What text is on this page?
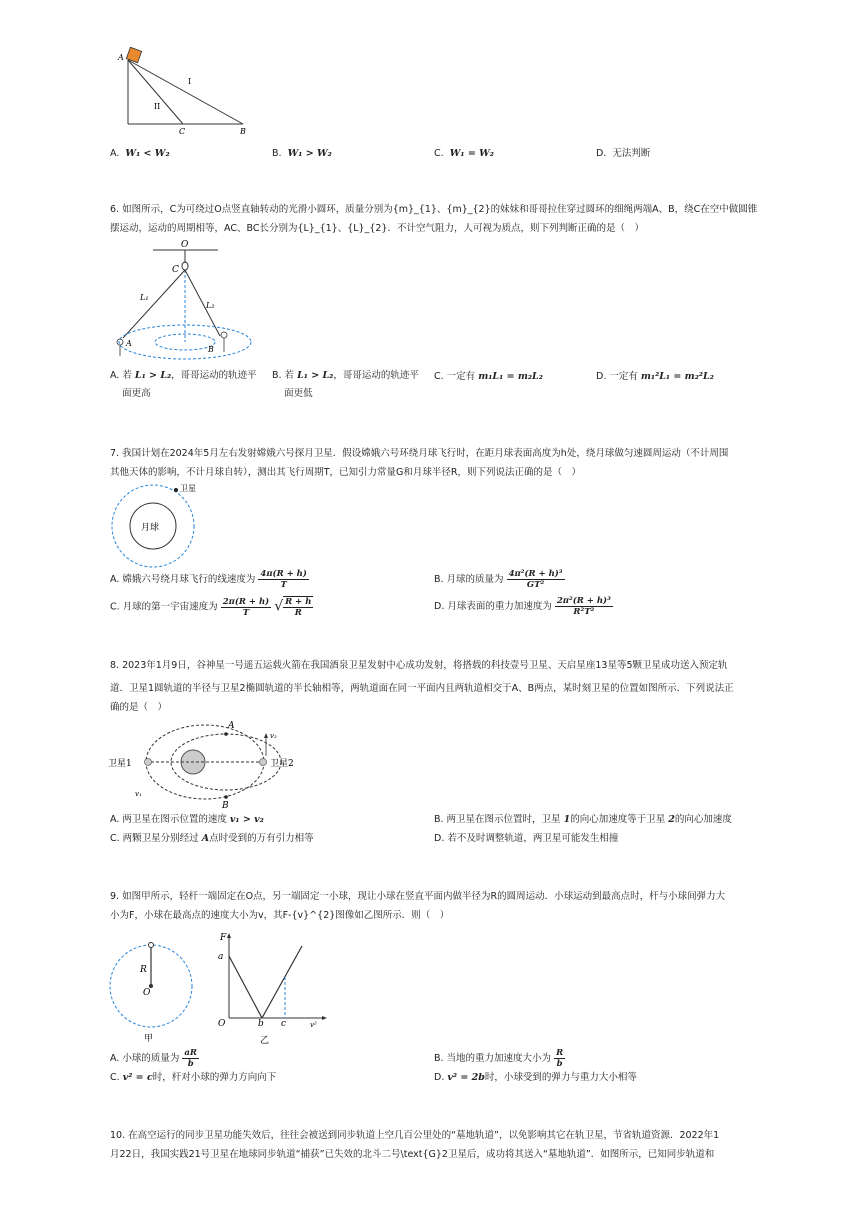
A
I
II
C	B
A. W₁ < W₂	B. W₁ > W₂	C. W₁ = W₂	D. 无法判断
6. 如图所示，C为可绕过O点竖直轴转动的光滑小圆环，质量分别为{m}_{1}、{m}_{2}的妹妹和哥哥拉住穿过圆环的细绳两端A、B，绕C在空中做圆锥
摆运动，运动的周期相等，AC、BC长分别为{L}_{1}、{L}_{2}．不计空气阻力，人可视为质点，则下列判断正确的是（　）
O
C
L₁
L₂
A
B
A. 若 L₁ > L₂，哥哥运动的轨迹平
面更高
B. 若 L₁ > L₂，哥哥运动的轨迹平
面更低
C. 一定有 m₁L₁ = m₂L₂	D. 一定有 m₁²L₁ = m₂²L₂
7. 我国计划在2024年5月左右发射嫦娥六号探月卫星．假设嫦娥六号环绕月球飞行时，在距月球表面高度为h处，绕月球做匀速圆周运动（不计周围
其他天体的影响，不计月球自转），测出其飞行周期T，已知引力常量G和月球半径R，则下列说法正确的是（　）
月球
卫星
A. 嫦娥六号绕月球飞行的线速度为 $\frac{4\pi(R + h)}{T}$	B. 月球的质量为 $\frac{\text{4π²(R + h)³}}{\text{GT²}}$
C. 月球的第一宇宙速度为 $\frac{2\pi(R + h)}{T}$ √ $\frac{R + h}{R}$	D. 月球表面的重力加速度为 $\frac{\text{2π²(R + h)³}}{\text{R²T²}}$
8. 2023年1月9日，谷神星一号遥五运载火箭在我国酒泉卫星发射中心成功发射，将搭载的科技壹号卫星、天启星座13星等5颗卫星成功送入预定轨
道．卫星1圆轨道的半径与卫星2椭圆轨道的半长轴相等，两轨道面在同一平面内且两轨道相交于A、B两点，某时刻卫星的位置如图所示．下列说法正
确的是（　）
卫星1	卫星2
A
B
v₁
v₂
A. 两卫星在图示位置的速度 v₁ > v₂	B. 两卫星在图示位置时，卫星 1的向心加速度等于卫星 2的向心加速度
C. 两颗卫星分别经过 A点时受到的万有引力相等	D. 若不及时调整轨道，两卫星可能发生相撞
9. 如图甲所示，轻杆一端固定在O点，另一端固定一小球，现让小球在竖直平面内做半径为R的圆周运动．小球运动到最高点时，杆与小球间弹力大
小为F，小球在最高点的速度大小为v，其F-{v}^{2}图像如乙图所示．则（　）
R
O
甲
F
a
O	b c	v²
乙
A. 小球的质量为 $\frac{aR}{b}$	B. 当地的重力加速度大小为 $\frac{R}{b}$
C. v² = c时，杆对小球的弹力方向向下	D. v² = 2b时，小球受到的弹力与重力大小相等
10. 在高空运行的同步卫星功能失效后，往往会被送到同步轨道上空几百公里处的“墓地轨道”，以免影响其它在轨卫星，节省轨道资源．2022年1
月22日，我国实践21号卫星在地球同步轨道“捕获”已失效的北斗二号\text{G}2卫星后，成功将其送入“墓地轨道”．如图所示，已知同步轨道和
